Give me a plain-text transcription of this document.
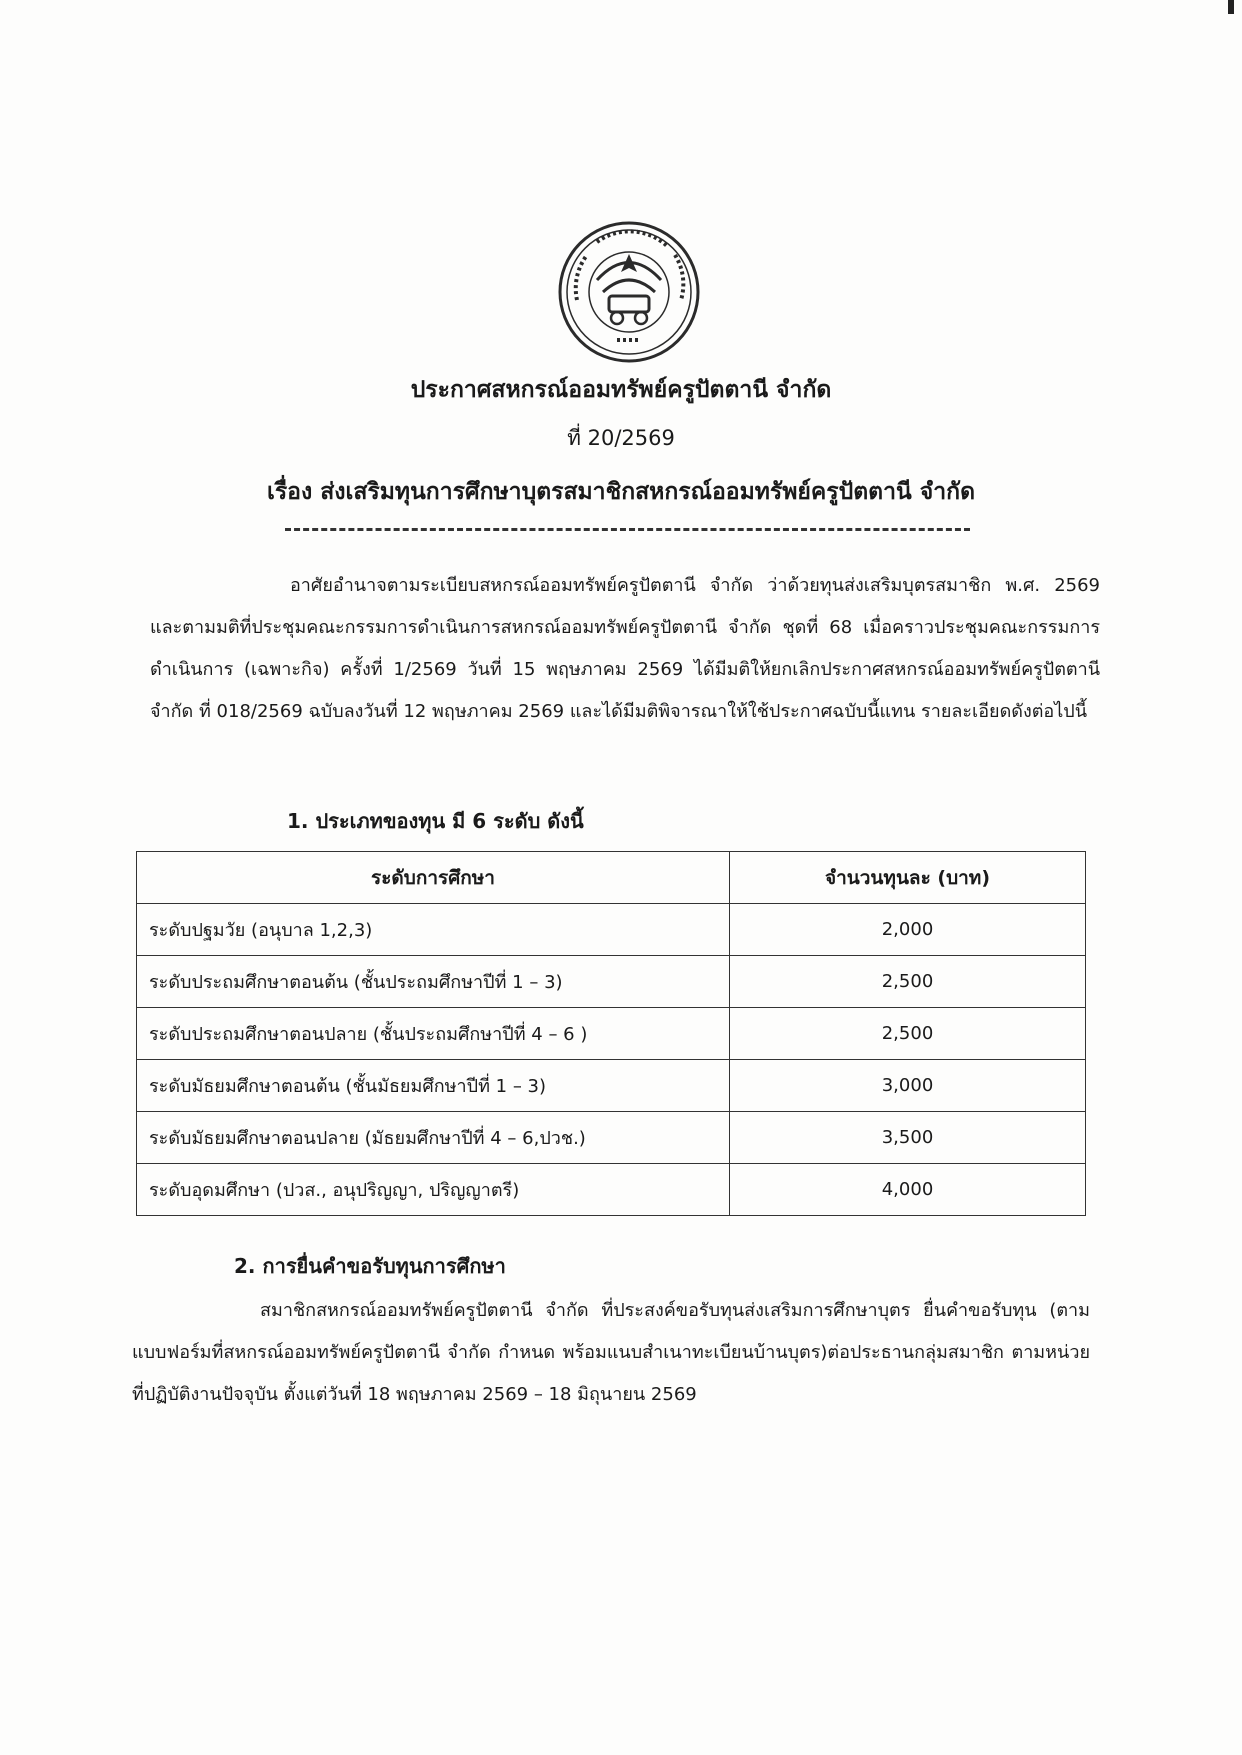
ประกาศสหกรณ์ออมทรัพย์ครูปัตตานี จำกัด
ที่ 20/2569
เรื่อง ส่งเสริมทุนการศึกษาบุตรสมาชิกสหกรณ์ออมทรัพย์ครูปัตตานี จำกัด
อาศัยอำนาจตามระเบียบสหกรณ์ออมทรัพย์ครูปัตตานี จำกัด ว่าด้วยทุนส่งเสริมบุตรสมาชิก พ.ศ. 2569 และตามมติที่ประชุมคณะกรรมการดำเนินการสหกรณ์ออมทรัพย์ครูปัตตานี จำกัด ชุดที่ 68 เมื่อคราวประชุมคณะกรรมการดำเนินการ (เฉพาะกิจ) ครั้งที่ 1/2569 วันที่ 15 พฤษภาคม 2569 ได้มีมติให้ยกเลิกประกาศสหกรณ์ออมทรัพย์ครูปัตตานี จำกัด ที่ 018/2569 ฉบับลงวันที่ 12 พฤษภาคม 2569 และได้มีมติพิจารณาให้ใช้ประกาศฉบับนี้แทน รายละเอียดดังต่อไปนี้
1. ประเภทของทุน มี 6 ระดับ ดังนี้
ระดับการศึกษา	จำนวนทุนละ (บาท)
ระดับปฐมวัย (อนุบาล 1,2,3)	2,000
ระดับประถมศึกษาตอนต้น (ชั้นประถมศึกษาปีที่ 1 – 3)	2,500
ระดับประถมศึกษาตอนปลาย (ชั้นประถมศึกษาปีที่ 4 – 6 )	2,500
ระดับมัธยมศึกษาตอนต้น (ชั้นมัธยมศึกษาปีที่ 1 – 3)	3,000
ระดับมัธยมศึกษาตอนปลาย (มัธยมศึกษาปีที่ 4 – 6,ปวช.)	3,500
ระดับอุดมศึกษา (ปวส., อนุปริญญา, ปริญญาตรี)	4,000
2. การยื่นคำขอรับทุนการศึกษา
สมาชิกสหกรณ์ออมทรัพย์ครูปัตตานี จำกัด ที่ประสงค์ขอรับทุนส่งเสริมการศึกษาบุตร ยื่นคำขอรับทุน (ตามแบบฟอร์มที่สหกรณ์ออมทรัพย์ครูปัตตานี จำกัด กำหนด พร้อมแนบสำเนาทะเบียนบ้านบุตร)ต่อประธานกลุ่มสมาชิก ตามหน่วยที่ปฏิบัติงานปัจจุบัน ตั้งแต่วันที่ 18 พฤษภาคม 2569 – 18 มิถุนายน 2569
